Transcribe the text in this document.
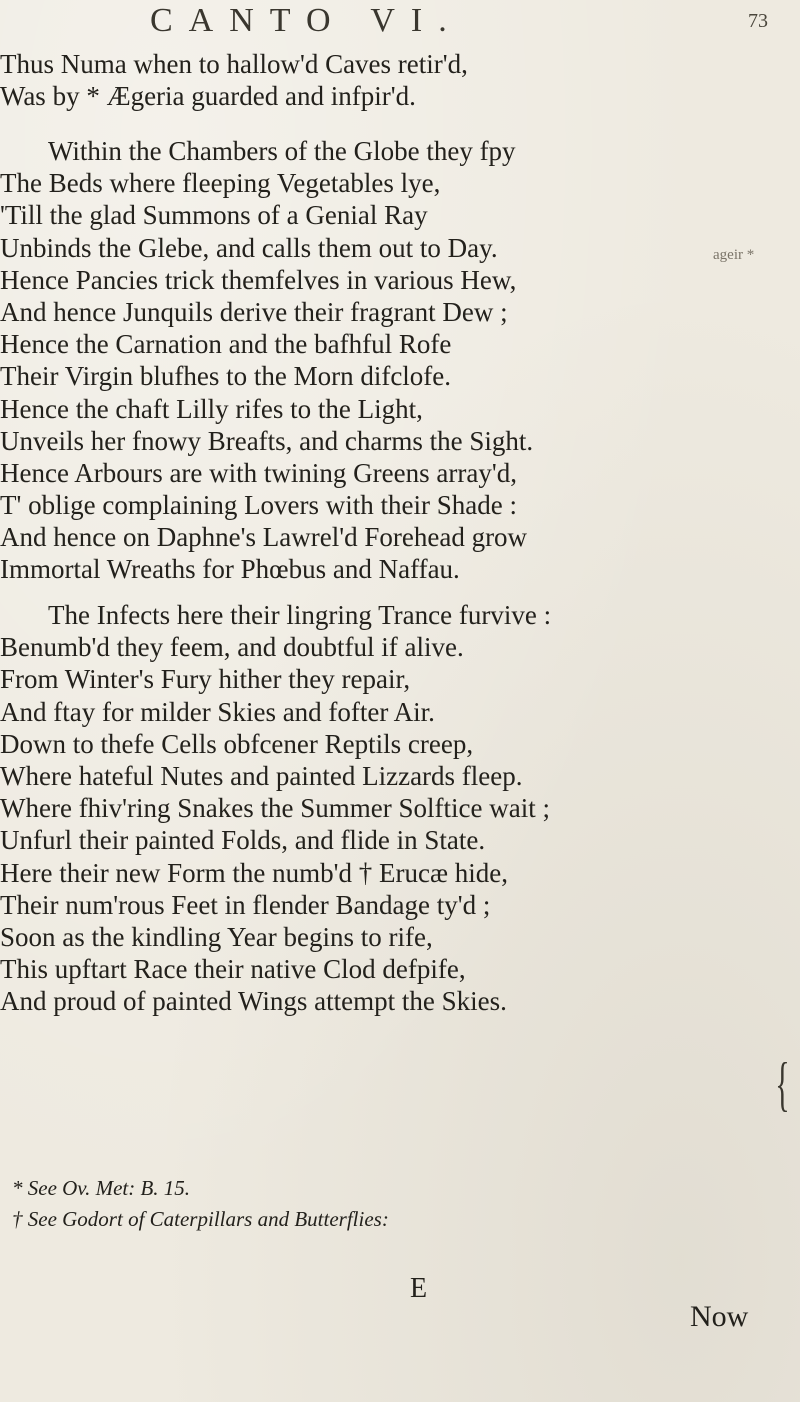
CANTO VI.	73
ageir *
Thus Numa when to hallow'd Caves retir'd,
Was by * Ægeria guarded and infpir'd.
Within the Chambers of the Globe they fpy
The Beds where fleeping Vegetables lye,
'Till the glad Summons of a Genial Ray
Unbinds the Glebe, and calls them out to Day.
Hence Pancies trick themfelves in various Hew,
And hence Junquils derive their fragrant Dew ;
Hence the Carnation and the bafhful Rofe
Their Virgin blufhes to the Morn difclofe.
Hence the chaft Lilly rifes to the Light,
Unveils her fnowy Breafts, and charms the Sight.
Hence Arbours are with twining Greens array'd,
T' oblige complaining Lovers with their Shade :
And hence on Daphne's Lawrel'd Forehead grow
Immortal Wreaths for Phœbus and Naffau.
The Infects here their lingring Trance furvive :
Benumb'd they feem, and doubtful if alive.
From Winter's Fury hither they repair,
And ftay for milder Skies and fofter Air.
Down to thefe Cells obfcener Reptils creep,
Where hateful Nutes and painted Lizzards fleep.
Where fhiv'ring Snakes the Summer Solftice wait ;
Unfurl their painted Folds, and flide in State.
Here their new Form the numb'd † Erucæ hide,
Their num'rous Feet in flender Bandage ty'd ;
Soon as the kindling Year begins to rife,
This upftart Race their native Clod defpife,
And proud of painted Wings attempt the Skies.
{
* See Ov. Met: B. 15.
† See Godort of Caterpillars and Butterflies:
E
Now
